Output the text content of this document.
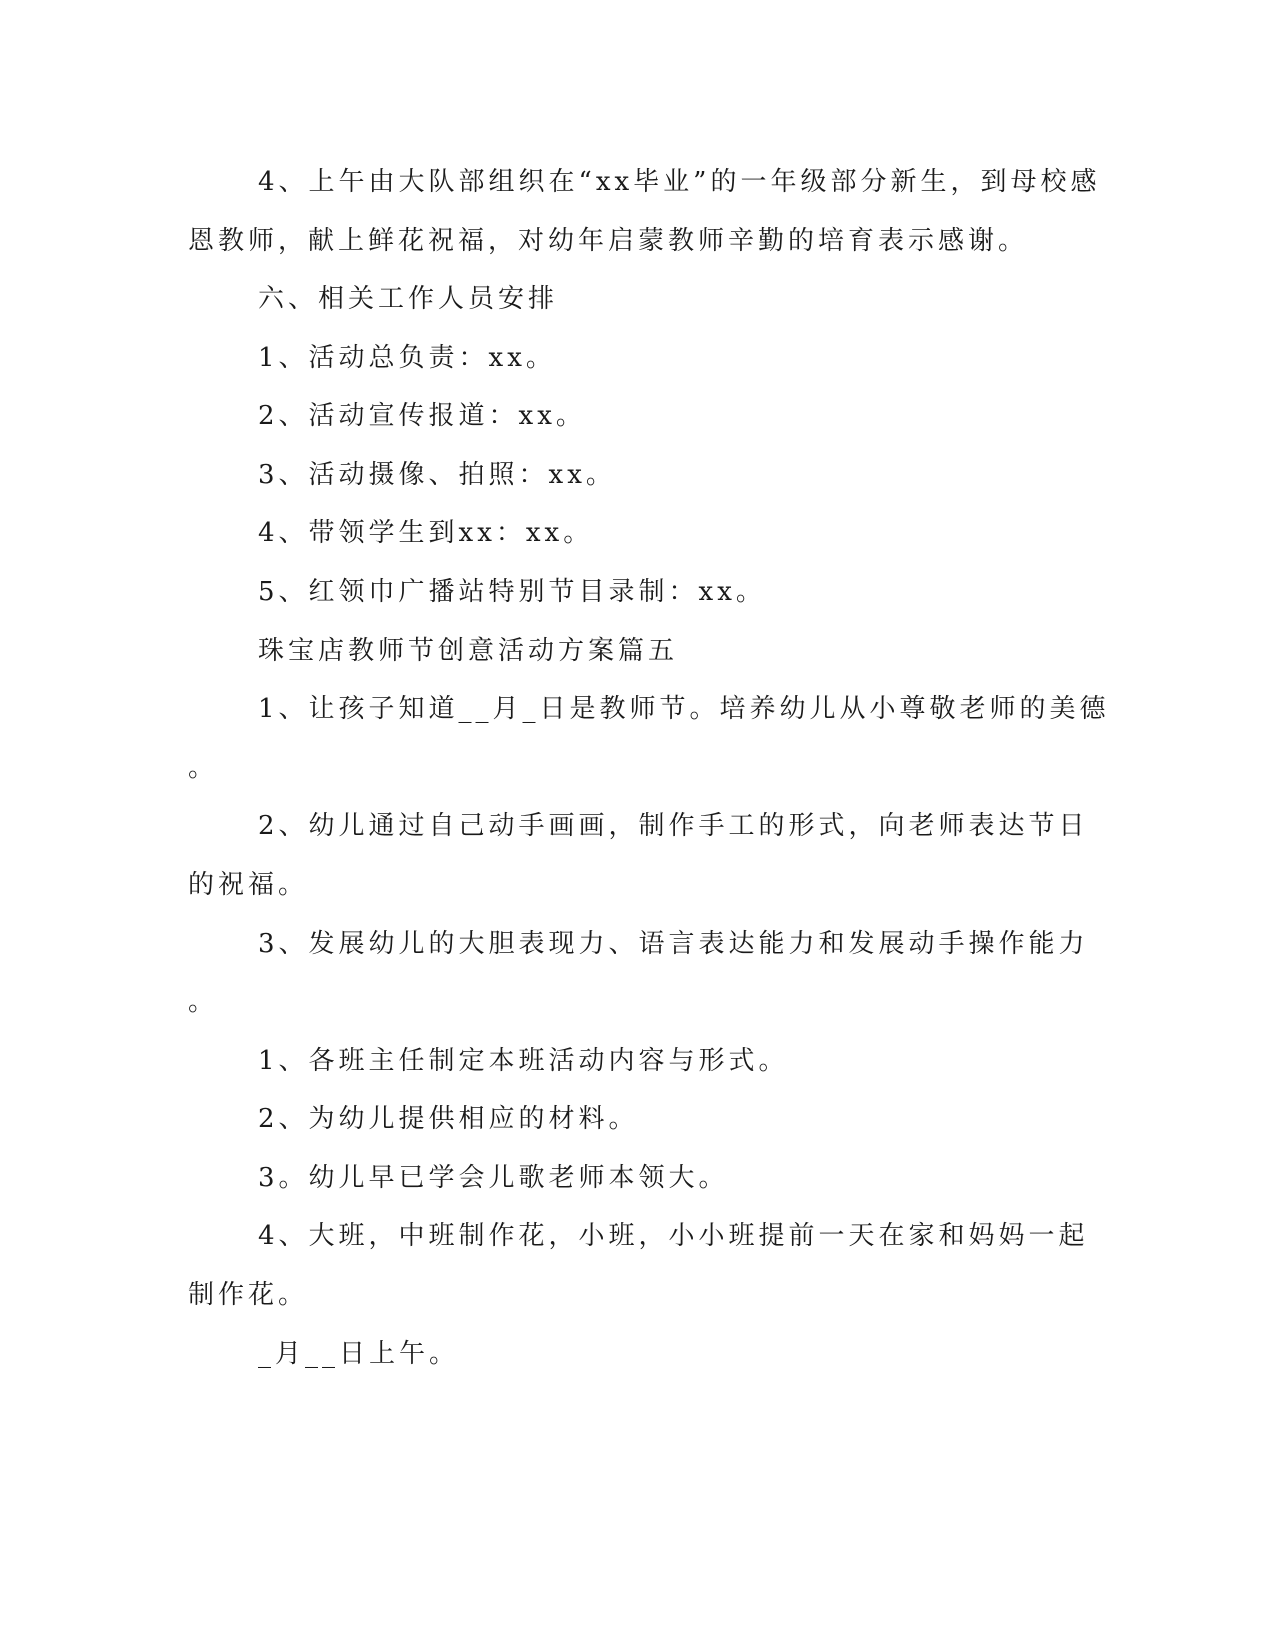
4、上午由大队部组织在“xx毕业”的一年级部分新生，到母校感
恩教师，献上鲜花祝福，对幼年启蒙教师辛勤的培育表示感谢。
六、相关工作人员安排
1、活动总负责：xx。
2、活动宣传报道：xx。
3、活动摄像、拍照：xx。
4、带领学生到xx：xx。
5、红领巾广播站特别节目录制：xx。
珠宝店教师节创意活动方案篇五
1、让孩子知道__月_日是教师节。培养幼儿从小尊敬老师的美德
。
2、幼儿通过自己动手画画，制作手工的形式，向老师表达节日
的祝福。
3、发展幼儿的大胆表现力、语言表达能力和发展动手操作能力
。
1、各班主任制定本班活动内容与形式。
2、为幼儿提供相应的材料。
3。幼儿早已学会儿歌老师本领大。
4、大班，中班制作花，小班，小小班提前一天在家和妈妈一起
制作花。
_月__日上午。
